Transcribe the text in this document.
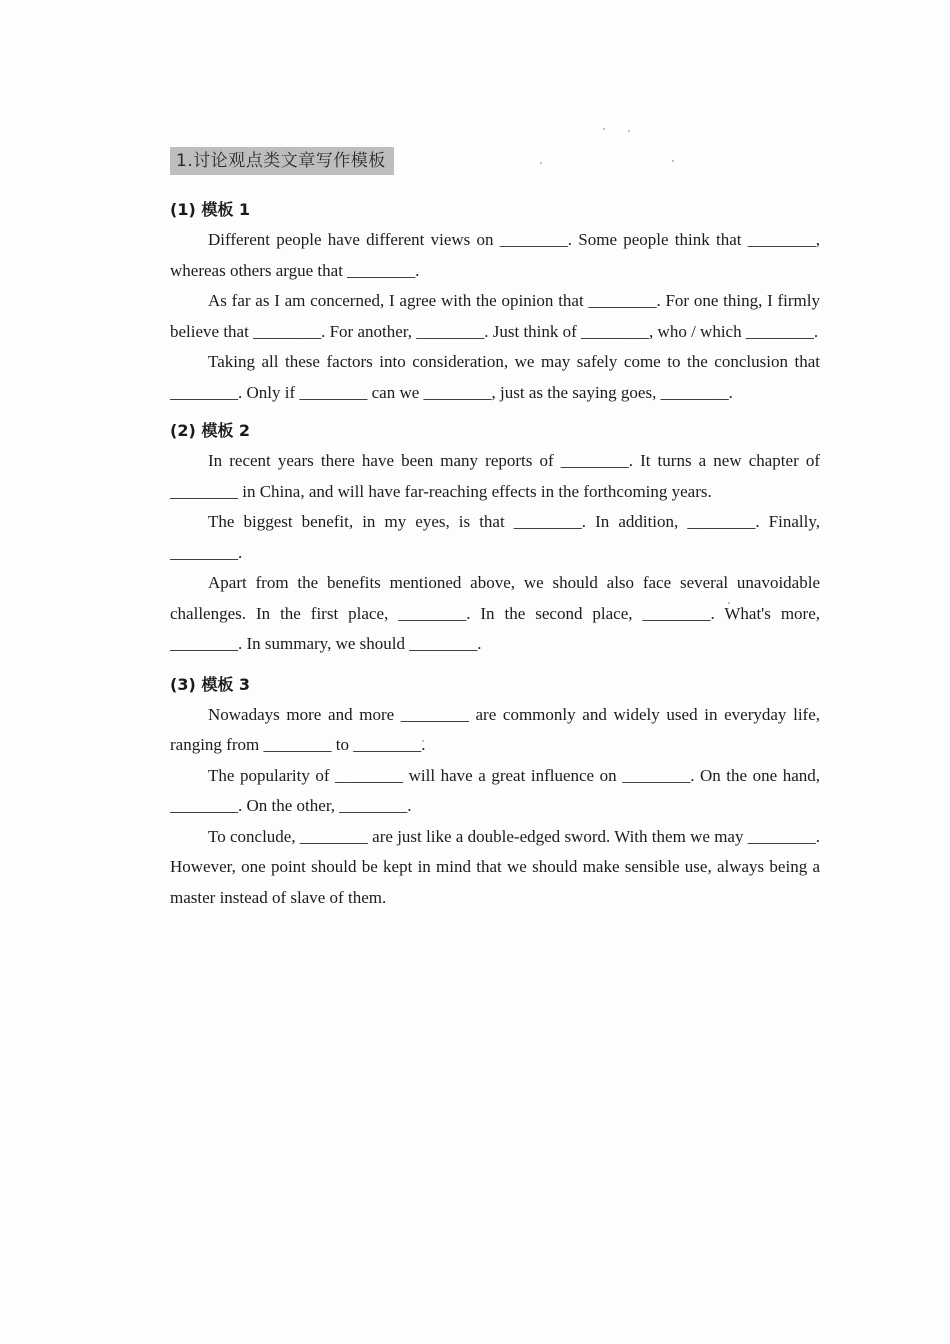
1.讨论观点类文章写作模板

(1) 模板 1

Different people have different views on ________. Some people think that ________, whereas others argue that ________.

As far as I am concerned, I agree with the opinion that ________. For one thing, I firmly believe that ________. For another, ________. Just think of ________, who / which ________.

Taking all these factors into consideration, we may safely come to the conclusion that ________. Only if ________ can we ________, just as the saying goes, ________.

(2) 模板 2

In recent years there have been many reports of ________. It turns a new chapter of ________ in China, and will have far-reaching effects in the forthcoming years.

The biggest benefit, in my eyes, is that ________. In addition, ________. Finally, ________.

Apart from the benefits mentioned above, we should also face several unavoidable challenges. In the first place, ________. In the second place, ________. What's more, ________. In summary, we should ________.

(3) 模板 3

Nowadays more and more ________ are commonly and widely used in everyday life, ranging from ________ to ________.

The popularity of ________ will have a great influence on ________. On the one hand, ________. On the other, ________.

To conclude, ________ are just like a double-edged sword. With them we may ________. However, one point should be kept in mind that we should make sensible use, always being a master instead of slave of them.
